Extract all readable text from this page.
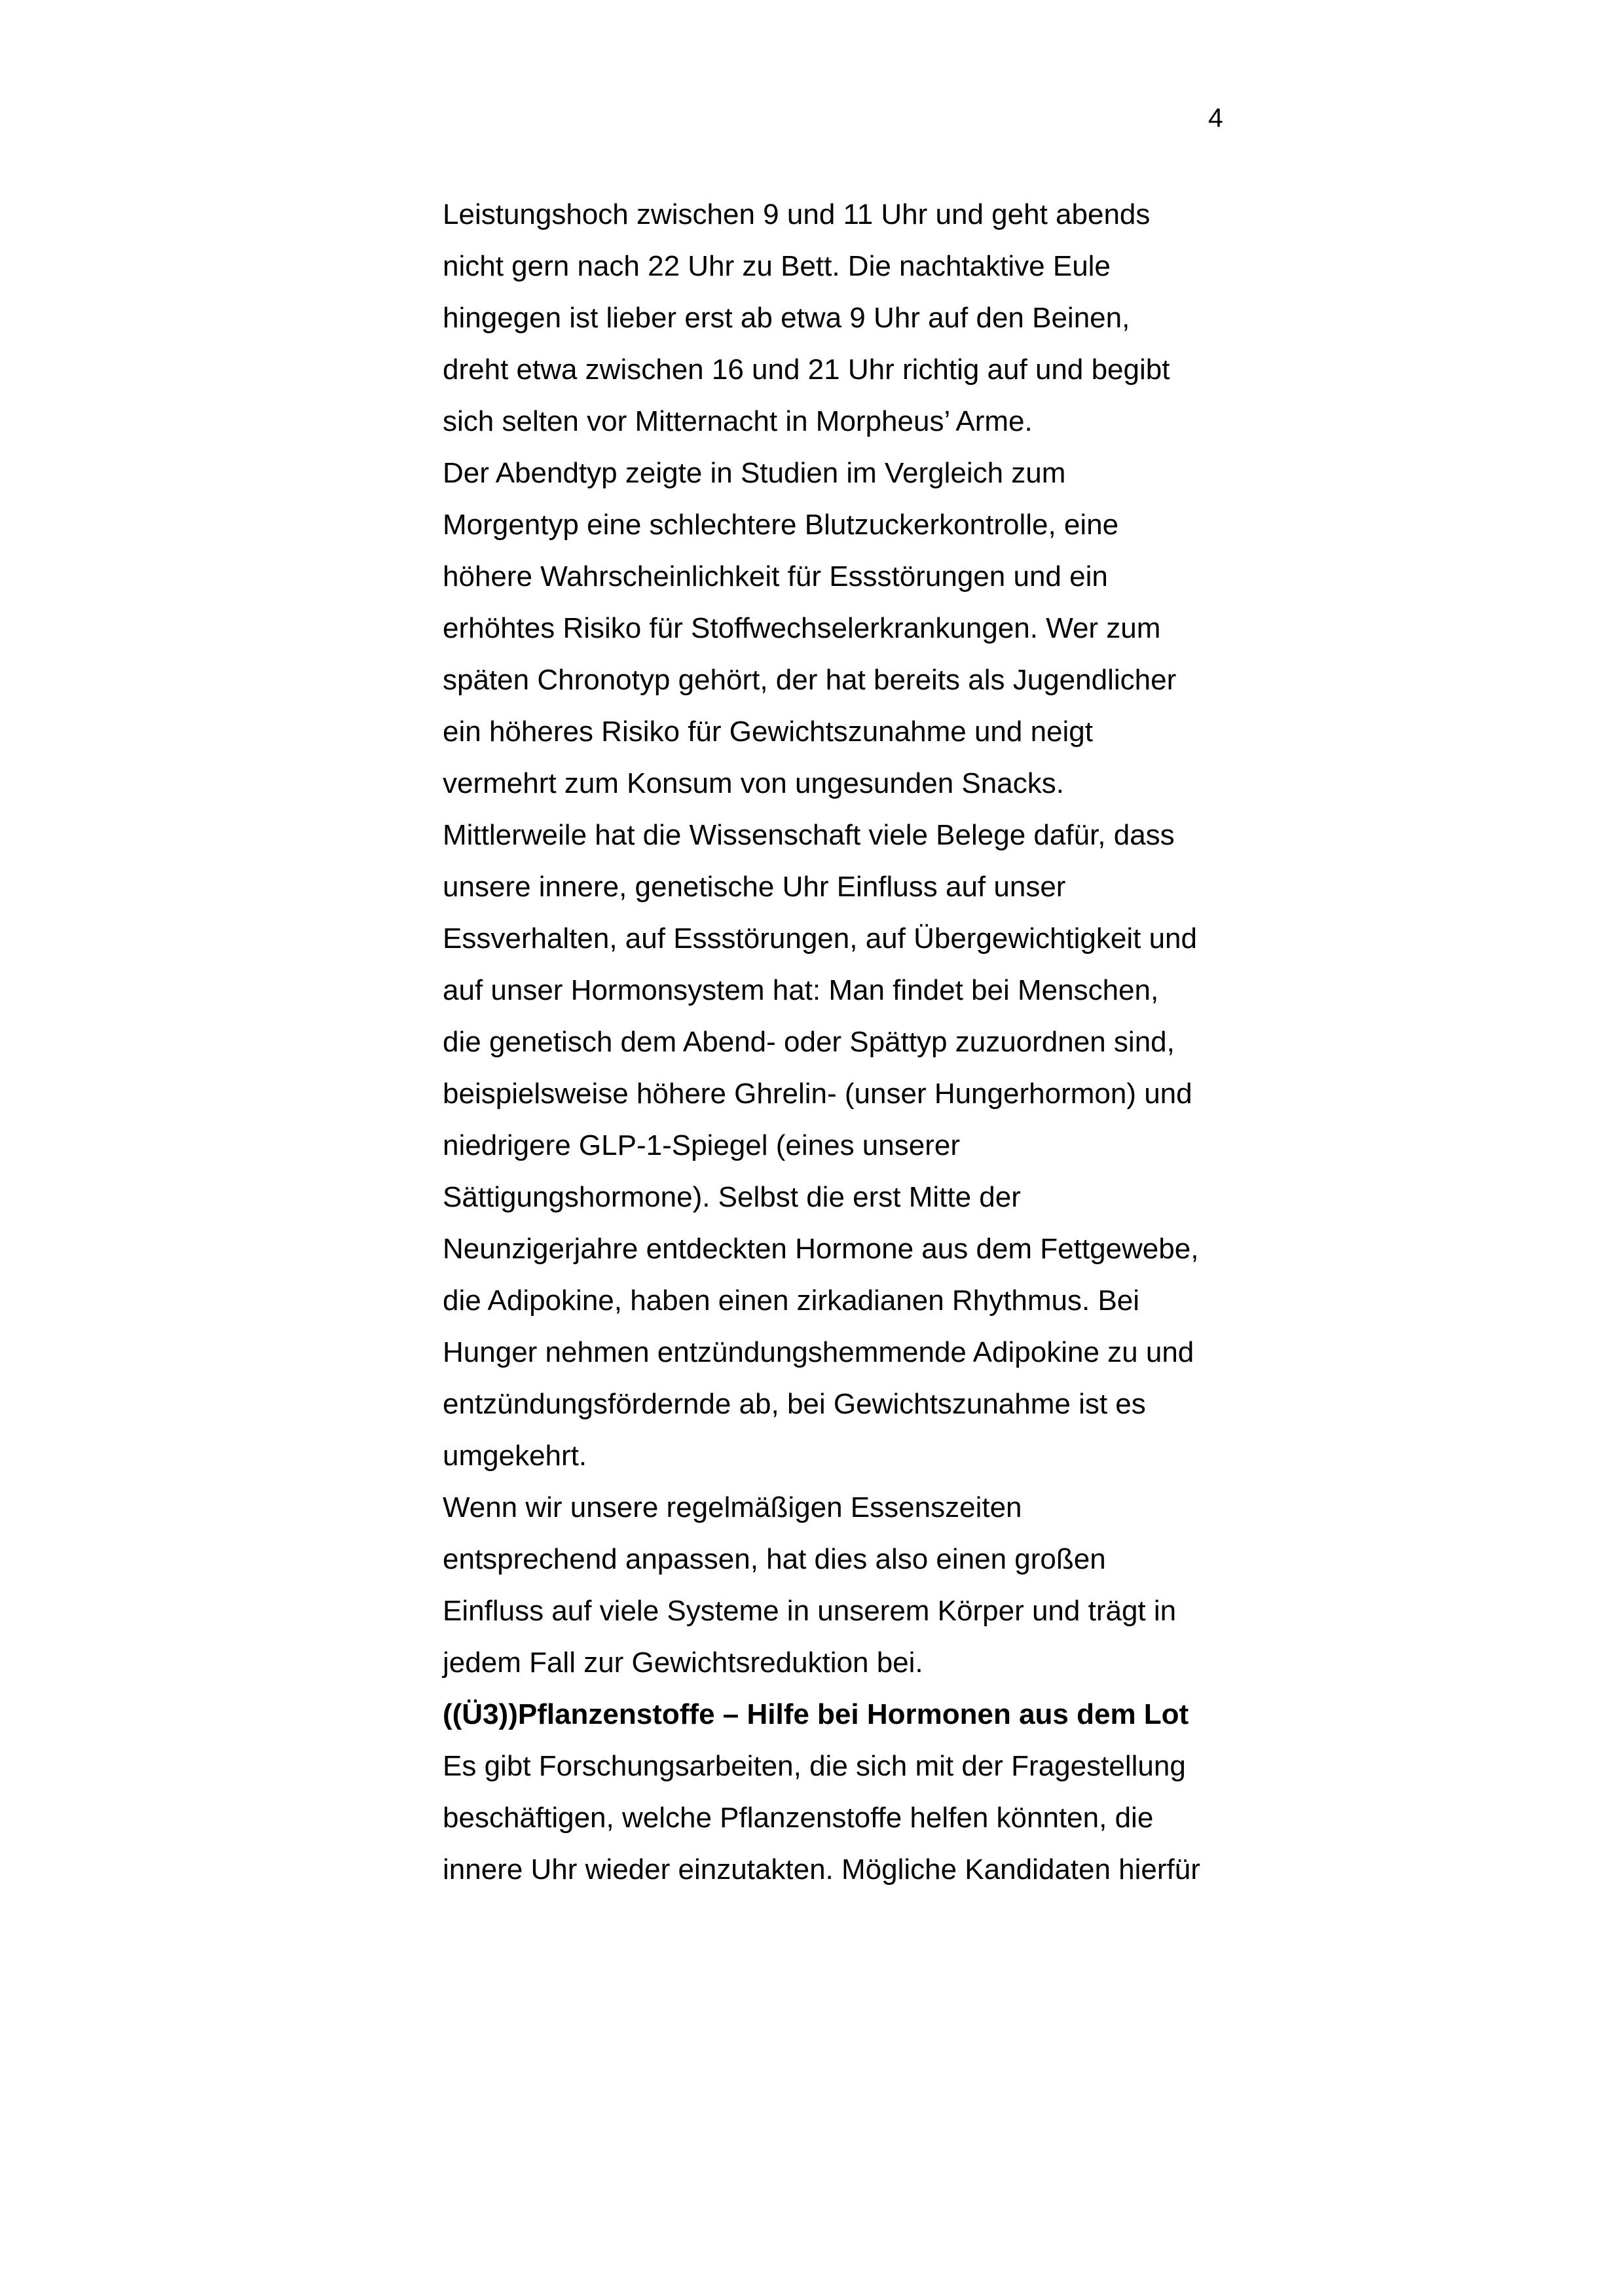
4

Leistungshoch zwischen 9 und 11 Uhr und geht abends
nicht gern nach 22 Uhr zu Bett. Die nachtaktive Eule
hingegen ist lieber erst ab etwa 9 Uhr auf den Beinen,
dreht etwa zwischen 16 und 21 Uhr richtig auf und begibt
sich selten vor Mitternacht in Morpheus’ Arme.

Der Abendtyp zeigte in Studien im Vergleich zum
Morgentyp eine schlechtere Blutzuckerkontrolle, eine
höhere Wahrscheinlichkeit für Essstörungen und ein
erhöhtes Risiko für Stoffwechselerkrankungen. Wer zum
späten Chronotyp gehört, der hat bereits als Jugendlicher
ein höheres Risiko für Gewichtszunahme und neigt
vermehrt zum Konsum von ungesunden Snacks.

Mittlerweile hat die Wissenschaft viele Belege dafür, dass
unsere innere, genetische Uhr Einfluss auf unser
Essverhalten, auf Essstörungen, auf Übergewichtigkeit und
auf unser Hormonsystem hat: Man findet bei Menschen,
die genetisch dem Abend- oder Spättyp zuzuordnen sind,
beispielsweise höhere Ghrelin- (unser Hungerhormon) und
niedrigere GLP-1-Spiegel (eines unserer
Sättigungshormone). Selbst die erst Mitte der
Neunzigerjahre entdeckten Hormone aus dem Fettgewebe,
die Adipokine, haben einen zirkadianen Rhythmus. Bei
Hunger nehmen entzündungshemmende Adipokine zu und
entzündungsfördernde ab, bei Gewichtszunahme ist es
umgekehrt.

Wenn wir unsere regelmäßigen Essenszeiten
entsprechend anpassen, hat dies also einen großen
Einfluss auf viele Systeme in unserem Körper und trägt in
jedem Fall zur Gewichtsreduktion bei.

((Ü3))Pflanzenstoffe – Hilfe bei Hormonen aus dem Lot

Es gibt Forschungsarbeiten, die sich mit der Fragestellung
beschäftigen, welche Pflanzenstoffe helfen könnten, die
innere Uhr wieder einzutakten. Mögliche Kandidaten hierfür
